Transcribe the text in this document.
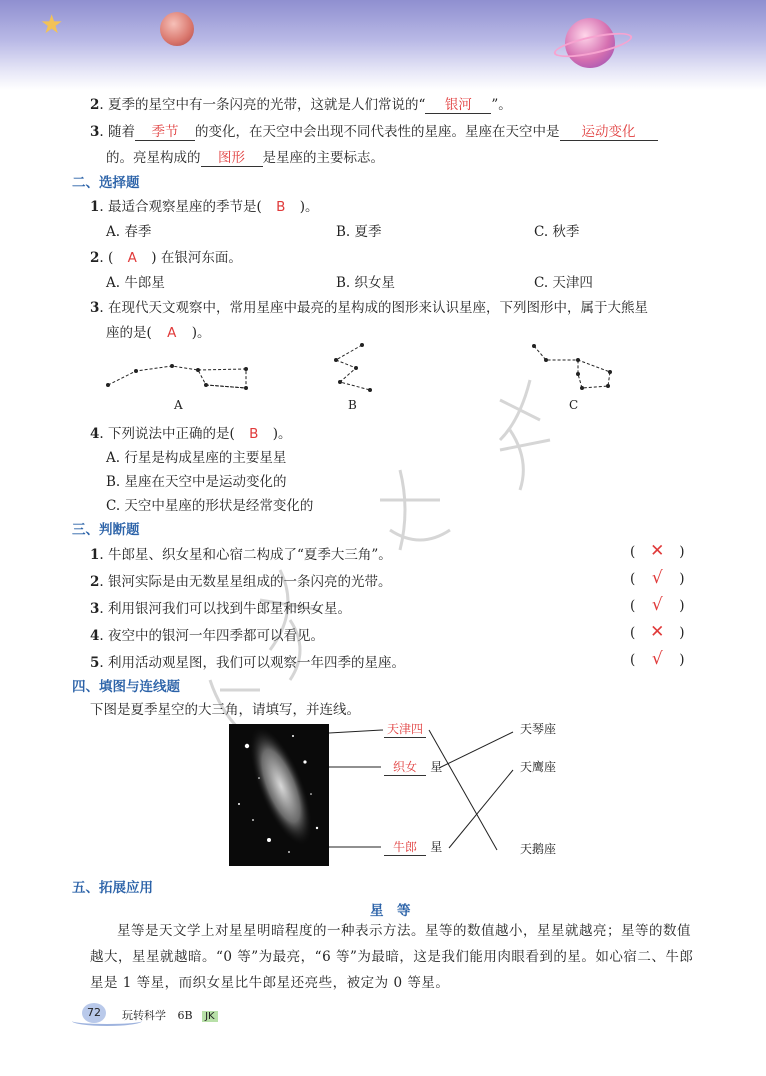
★
2. 夏季的星空中有一条闪亮的光带，这就是人们常说的“ 银河 ”。
3. 随着 季节 的变化，在天空中会出现不同代表性的星座。星座在天空中是 运动变化
的。亮星构成的 图形 是星座的主要标志。
二、选择题
1. 最适合观察星座的季节是( B )。
A. 春季	B. 夏季	C. 秋季
2. ( A ) 在银河东面。
A. 牛郎星	B. 织女星	C. 天津四
3. 在现代天文观察中，常用星座中最亮的星构成的图形来认识星座，下列图形中，属于大熊星
座的是( A )。
A	B	C
4. 下列说法中正确的是( B )。
A. 行星是构成星座的主要星星
B. 星座在天空中是运动变化的
C. 天空中星座的形状是经常变化的
三、判断题
1. 牛郎星、织女星和心宿二构成了“夏季大三角”。	( ✕ )
2. 银河实际是由无数星星组成的一条闪亮的光带。	( √ )
3. 利用银河我们可以找到牛郎星和织女星。	( √ )
4. 夜空中的银河一年四季都可以看见。	( ✕ )
5. 利用活动观星图，我们可以观察一年四季的星座。	( √ )
四、填图与连线题
下图是夏季星空的大三角，请填写，并连线。
天津四
织女 星
牛郎 星
天琴座
天鹰座
天鹅座
五、拓展应用
星　等
星等是天文学上对星星明暗程度的一种表示方法。星等的数值越小，星星就越亮；星等的数值越大，星星就越暗。“0 等”为最亮，“6 等”为最暗，这是我们能用肉眼看到的星。如心宿二、牛郎星是 1 等星，而织女星比牛郎星还亮些，被定为 0 等星。
72	玩转科学 6B JK
